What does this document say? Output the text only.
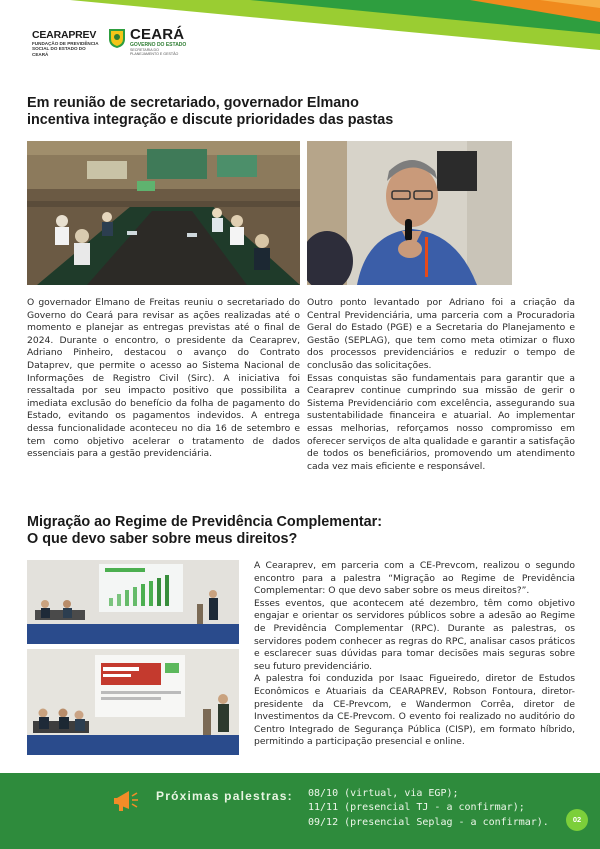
CEARAPREV
FUNDAÇÃO DE PREVIDÊNCIA
SOCIAL DO ESTADO DO CEARÁ
CEARÁ
GOVERNO DO ESTADO
SECRETARIA DO
PLANEJAMENTO E GESTÃO
Em reunião de secretariado, governador Elmano
incentiva integração e discute prioridades das pastas

O governador Elmano de Freitas reuniu o secretariado do Governo do Ceará para revisar as ações realizadas até o momento e planejar as entregas previstas até o final de 2024. Durante o encontro, o presidente da Cearaprev, Adriano Pinheiro, destacou o avanço do Contrato Dataprev, que permite o acesso ao Sistema Nacional de Informações de Registro Civil (Sirc). A iniciativa foi ressaltada por seu impacto positivo que possibilita a imediata exclusão do benefício da folha de pagamento do Estado, evitando os pagamentos indevidos. A entrega dessa funcionalidade aconteceu no dia 16 de setembro e tem como objetivo acelerar o tratamento de dados essenciais para a gestão previdenciária.

Outro ponto levantado por Adriano foi a criação da Central Previdenciária, uma parceria com a Procuradoria Geral do Estado (PGE) e a Secretaria do Planejamento e Gestão (SEPLAG), que tem como meta otimizar o fluxo dos processos previdenciários e reduzir o tempo de conclusão das solicitações.

Essas conquistas são fundamentais para garantir que a Cearaprev continue cumprindo sua missão de gerir o Sistema Previdenciário com excelência, assegurando sua sustentabilidade financeira e atuarial. Ao implementar essas melhorias, reforçamos nosso compromisso em oferecer serviços de alta qualidade e garantir a satisfação de todos os beneficiários, promovendo um atendimento cada vez mais eficiente e responsável.

Migração ao Regime de Previdência Complementar:
O que devo saber sobre meus direitos?

A Cearaprev, em parceria com a CE-Prevcom, realizou o segundo encontro para a palestra “Migração ao Regime de Previdência Complementar: O que devo saber sobre os meus direitos?”.

Esses eventos, que acontecem até dezembro, têm como objetivo engajar e orientar os servidores públicos sobre a adesão ao Regime de Previdência Complementar (RPC). Durante as palestras, os servidores podem conhecer as regras do RPC, analisar casos práticos e esclarecer suas dúvidas para tomar decisões mais seguras sobre seu futuro previdenciário.

A palestra foi conduzida por Isaac Figueiredo, diretor de Estudos Econômicos e Atuariais da CEARAPREV, Robson Fontoura, diretor-presidente da CE-Prevcom, e Wandermon Corrêa, diretor de Investimentos da CE-Prevcom. O evento foi realizado no auditório do Centro Integrado de Segurança Pública (CISP), em formato híbrido, permitindo a participação presencial e online.

Próximas palestras: 08/10 (virtual, via EGP);
11/11 (presencial TJ - a confirmar);
09/12 (presencial Seplag - a confirmar).	02
